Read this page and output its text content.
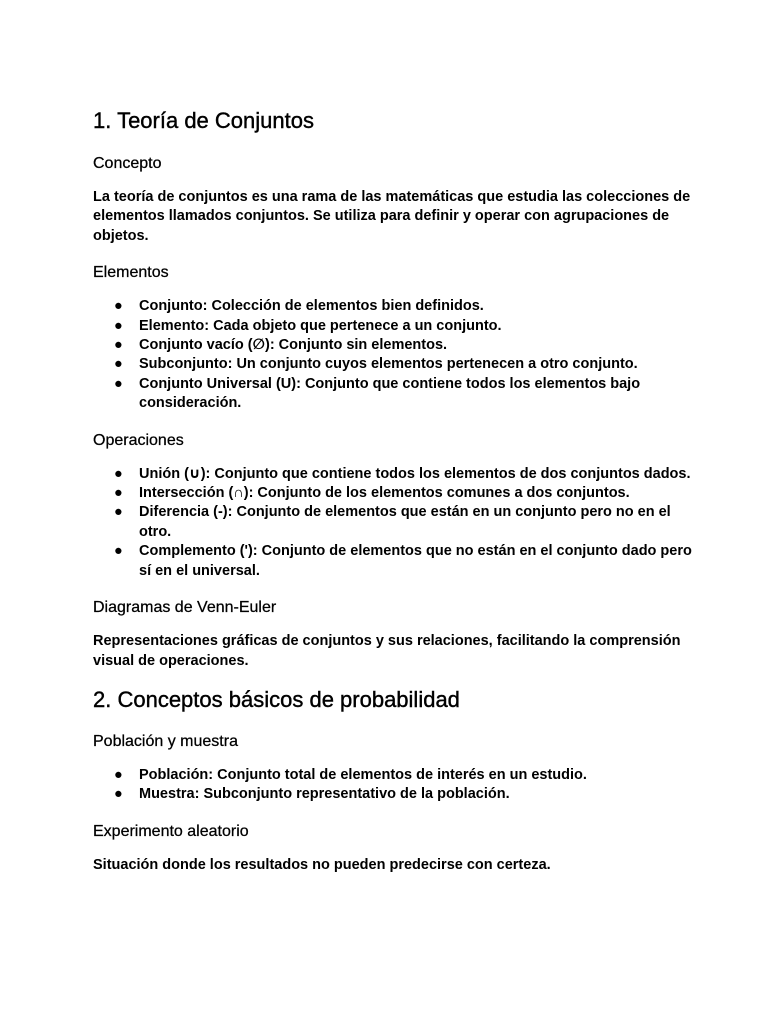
1. Teoría de Conjuntos
Concepto

La teoría de conjuntos es una rama de las matemáticas que estudia las colecciones de elementos llamados conjuntos. Se utiliza para definir y operar con agrupaciones de objetos.

Elementos
● Conjunto: Colección de elementos bien definidos.
● Elemento: Cada objeto que pertenece a un conjunto.
● Conjunto vacío (∅): Conjunto sin elementos.
● Subconjunto: Un conjunto cuyos elementos pertenecen a otro conjunto.
● Conjunto Universal (U): Conjunto que contiene todos los elementos bajo consideración.
Operaciones
● Unión (∪): Conjunto que contiene todos los elementos de dos conjuntos dados.
● Intersección (∩): Conjunto de los elementos comunes a dos conjuntos.
● Diferencia (-): Conjunto de elementos que están en un conjunto pero no en el otro.
● Complemento ('): Conjunto de elementos que no están en el conjunto dado pero sí en el universal.
Diagramas de Venn-Euler

Representaciones gráficas de conjuntos y sus relaciones, facilitando la comprensión visual de operaciones.

2. Conceptos básicos de probabilidad
Población y muestra
● Población: Conjunto total de elementos de interés en un estudio.
● Muestra: Subconjunto representativo de la población.
Experimento aleatorio

Situación donde los resultados no pueden predecirse con certeza.
